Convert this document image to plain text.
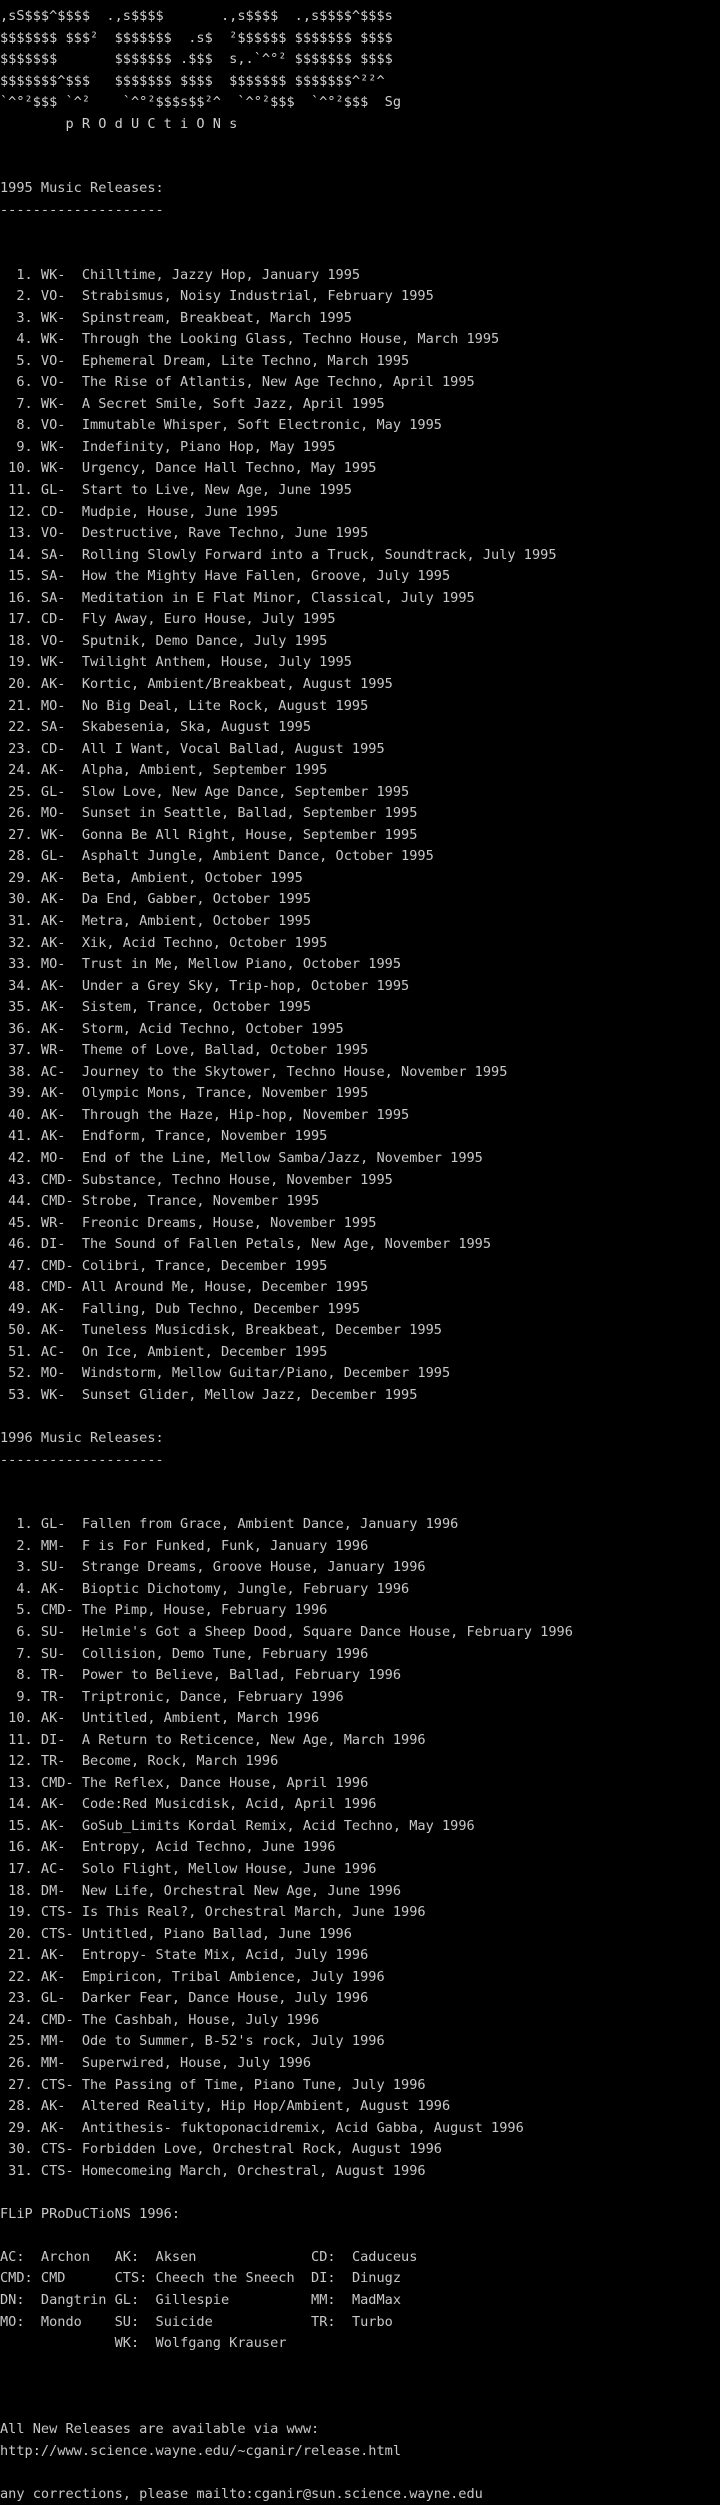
,sS$$$^$$$$  .,s$$$$       .,s$$$$  .,s$$$$^$$$s
$$$$$$$ $$$²  $$$$$$$  .s$  ²$$$$$$ $$$$$$$ $$$$
$$$$$$$       $$$$$$$ .$$$  s,.`^°² $$$$$$$ $$$$
$$$$$$$^$$$   $$$$$$$ $$$$  $$$$$$$ $$$$$$$^²²^
`^°²$$$ `^²    `^°²$$$s$$²^  `^°²$$$  `^°²$$$  Sg
p R O d U C t i O N s
1995 Music Releases:
--------------------
1. WK-  Chilltime, Jazzy Hop, January 1995
2. VO-  Strabismus, Noisy Industrial, February 1995
3. WK-  Spinstream, Breakbeat, March 1995
4. WK-  Through the Looking Glass, Techno House, March 1995
5. VO-  Ephemeral Dream, Lite Techno, March 1995
6. VO-  The Rise of Atlantis, New Age Techno, April 1995
7. WK-  A Secret Smile, Soft Jazz, April 1995
8. VO-  Immutable Whisper, Soft Electronic, May 1995
9. WK-  Indefinity, Piano Hop, May 1995
10. WK-  Urgency, Dance Hall Techno, May 1995
11. GL-  Start to Live, New Age, June 1995
12. CD-  Mudpie, House, June 1995
13. VO-  Destructive, Rave Techno, June 1995
14. SA-  Rolling Slowly Forward into a Truck, Soundtrack, July 1995
15. SA-  How the Mighty Have Fallen, Groove, July 1995
16. SA-  Meditation in E Flat Minor, Classical, July 1995
17. CD-  Fly Away, Euro House, July 1995
18. VO-  Sputnik, Demo Dance, July 1995
19. WK-  Twilight Anthem, House, July 1995
20. AK-  Kortic, Ambient/Breakbeat, August 1995
21. MO-  No Big Deal, Lite Rock, August 1995
22. SA-  Skabesenia, Ska, August 1995
23. CD-  All I Want, Vocal Ballad, August 1995
24. AK-  Alpha, Ambient, September 1995
25. GL-  Slow Love, New Age Dance, September 1995
26. MO-  Sunset in Seattle, Ballad, September 1995
27. WK-  Gonna Be All Right, House, September 1995
28. GL-  Asphalt Jungle, Ambient Dance, October 1995
29. AK-  Beta, Ambient, October 1995
30. AK-  Da End, Gabber, October 1995
31. AK-  Metra, Ambient, October 1995
32. AK-  Xik, Acid Techno, October 1995
33. MO-  Trust in Me, Mellow Piano, October 1995
34. AK-  Under a Grey Sky, Trip-hop, October 1995
35. AK-  Sistem, Trance, October 1995
36. AK-  Storm, Acid Techno, October 1995
37. WR-  Theme of Love, Ballad, October 1995
38. AC-  Journey to the Skytower, Techno House, November 1995
39. AK-  Olympic Mons, Trance, November 1995
40. AK-  Through the Haze, Hip-hop, November 1995
41. AK-  Endform, Trance, November 1995
42. MO-  End of the Line, Mellow Samba/Jazz, November 1995
43. CMD- Substance, Techno House, November 1995
44. CMD- Strobe, Trance, November 1995
45. WR-  Freonic Dreams, House, November 1995
46. DI-  The Sound of Fallen Petals, New Age, November 1995
47. CMD- Colibri, Trance, December 1995
48. CMD- All Around Me, House, December 1995
49. AK-  Falling, Dub Techno, December 1995
50. AK-  Tuneless Musicdisk, Breakbeat, December 1995
51. AC-  On Ice, Ambient, December 1995
52. MO-  Windstorm, Mellow Guitar/Piano, December 1995
53. WK-  Sunset Glider, Mellow Jazz, December 1995
1996 Music Releases:
--------------------
1. GL-  Fallen from Grace, Ambient Dance, January 1996
2. MM-  F is For Funked, Funk, January 1996
3. SU-  Strange Dreams, Groove House, January 1996
4. AK-  Bioptic Dichotomy, Jungle, February 1996
5. CMD- The Pimp, House, February 1996
6. SU-  Helmie's Got a Sheep Dood, Square Dance House, February 1996
7. SU-  Collision, Demo Tune, February 1996
8. TR-  Power to Believe, Ballad, February 1996
9. TR-  Triptronic, Dance, February 1996
10. AK-  Untitled, Ambient, March 1996
11. DI-  A Return to Reticence, New Age, March 1996
12. TR-  Become, Rock, March 1996
13. CMD- The Reflex, Dance House, April 1996
14. AK-  Code:Red Musicdisk, Acid, April 1996
15. AK-  GoSub_Limits Kordal Remix, Acid Techno, May 1996
16. AK-  Entropy, Acid Techno, June 1996
17. AC-  Solo Flight, Mellow House, June 1996
18. DM-  New Life, Orchestral New Age, June 1996
19. CTS- Is This Real?, Orchestral March, June 1996
20. CTS- Untitled, Piano Ballad, June 1996
21. AK-  Entropy- State Mix, Acid, July 1996
22. AK-  Empiricon, Tribal Ambience, July 1996
23. GL-  Darker Fear, Dance House, July 1996
24. CMD- The Cashbah, House, July 1996
25. MM-  Ode to Summer, B-52's rock, July 1996
26. MM-  Superwired, House, July 1996
27. CTS- The Passing of Time, Piano Tune, July 1996
28. AK-  Altered Reality, Hip Hop/Ambient, August 1996
29. AK-  Antithesis- fuktoponacidremix, Acid Gabba, August 1996
30. CTS- Forbidden Love, Orchestral Rock, August 1996
31. CTS- Homecomeing March, Orchestral, August 1996
FLiP PRoDuCTioNS 1996:
AC:  Archon   AK:  Aksen              CD:  Caduceus
CMD: CMD      CTS: Cheech the Sneech  DI:  Dinugz
DN:  Dangtrin GL:  Gillespie          MM:  MadMax
MO:  Mondo    SU:  Suicide            TR:  Turbo
WK:  Wolfgang Krauser
All New Releases are available via www:
http://www.science.wayne.edu/~cganir/release.html
any corrections, please mailto:cganir@sun.science.wayne.edu
